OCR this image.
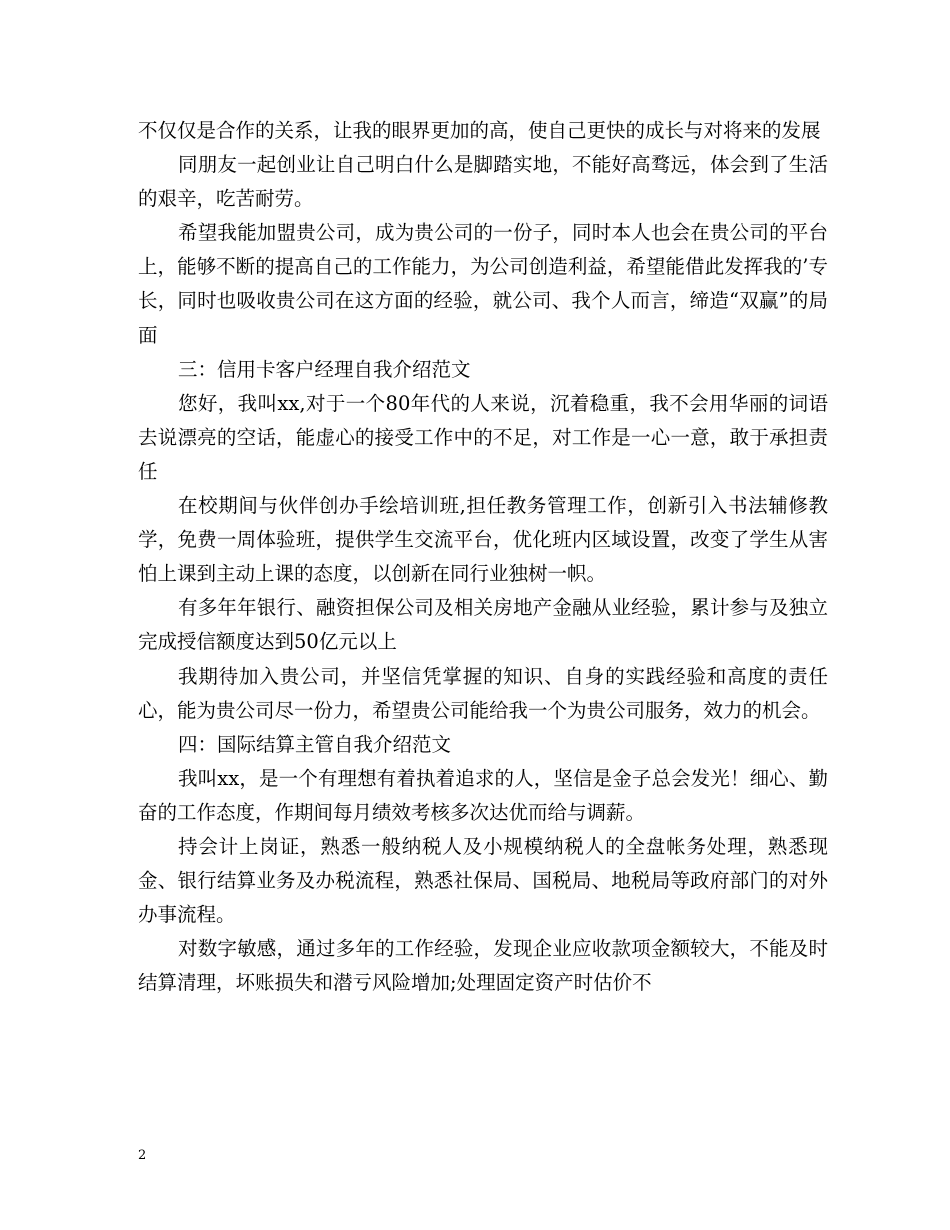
不仅仅是合作的关系，让我的眼界更加的高，使自己更快的成长与对将来的发展

同朋友一起创业让自己明白什么是脚踏实地，不能好高骛远，体会到了生活的艰辛，吃苦耐劳。

希望我能加盟贵公司，成为贵公司的一份子，同时本人也会在贵公司的平台上，能够不断的提高自己的工作能力，为公司创造利益，希望能借此发挥我的’专长，同时也吸收贵公司在这方面的经验，就公司、我个人而言，缔造“双赢”的局面

三：信用卡客户经理自我介绍范文

您好，我叫xx,对于一个80年代的人来说，沉着稳重，我不会用华丽的词语去说漂亮的空话，能虚心的接受工作中的不足，对工作是一心一意，敢于承担责任

在校期间与伙伴创办手绘培训班,担任教务管理工作，创新引入书法辅修教学，免费一周体验班，提供学生交流平台，优化班内区域设置，改变了学生从害怕上课到主动上课的态度，以创新在同行业独树一帜。

有多年年银行、融资担保公司及相关房地产金融从业经验，累计参与及独立完成授信额度达到50亿元以上

我期待加入贵公司，并坚信凭掌握的知识、自身的实践经验和高度的责任心，能为贵公司尽一份力，希望贵公司能给我一个为贵公司服务，效力的机会。

四：国际结算主管自我介绍范文

我叫xx，是一个有理想有着执着追求的人，坚信是金子总会发光！细心、勤奋的工作态度，作期间每月绩效考核多次达优而给与调薪。

持会计上岗证，熟悉一般纳税人及小规模纳税人的全盘帐务处理，熟悉现金、银行结算业务及办税流程，熟悉社保局、国税局、地税局等政府部门的对外办事流程。

对数字敏感，通过多年的工作经验，发现企业应收款项金额较大，不能及时结算清理，坏账损失和潜亏风险增加;处理固定资产时估价不

2
